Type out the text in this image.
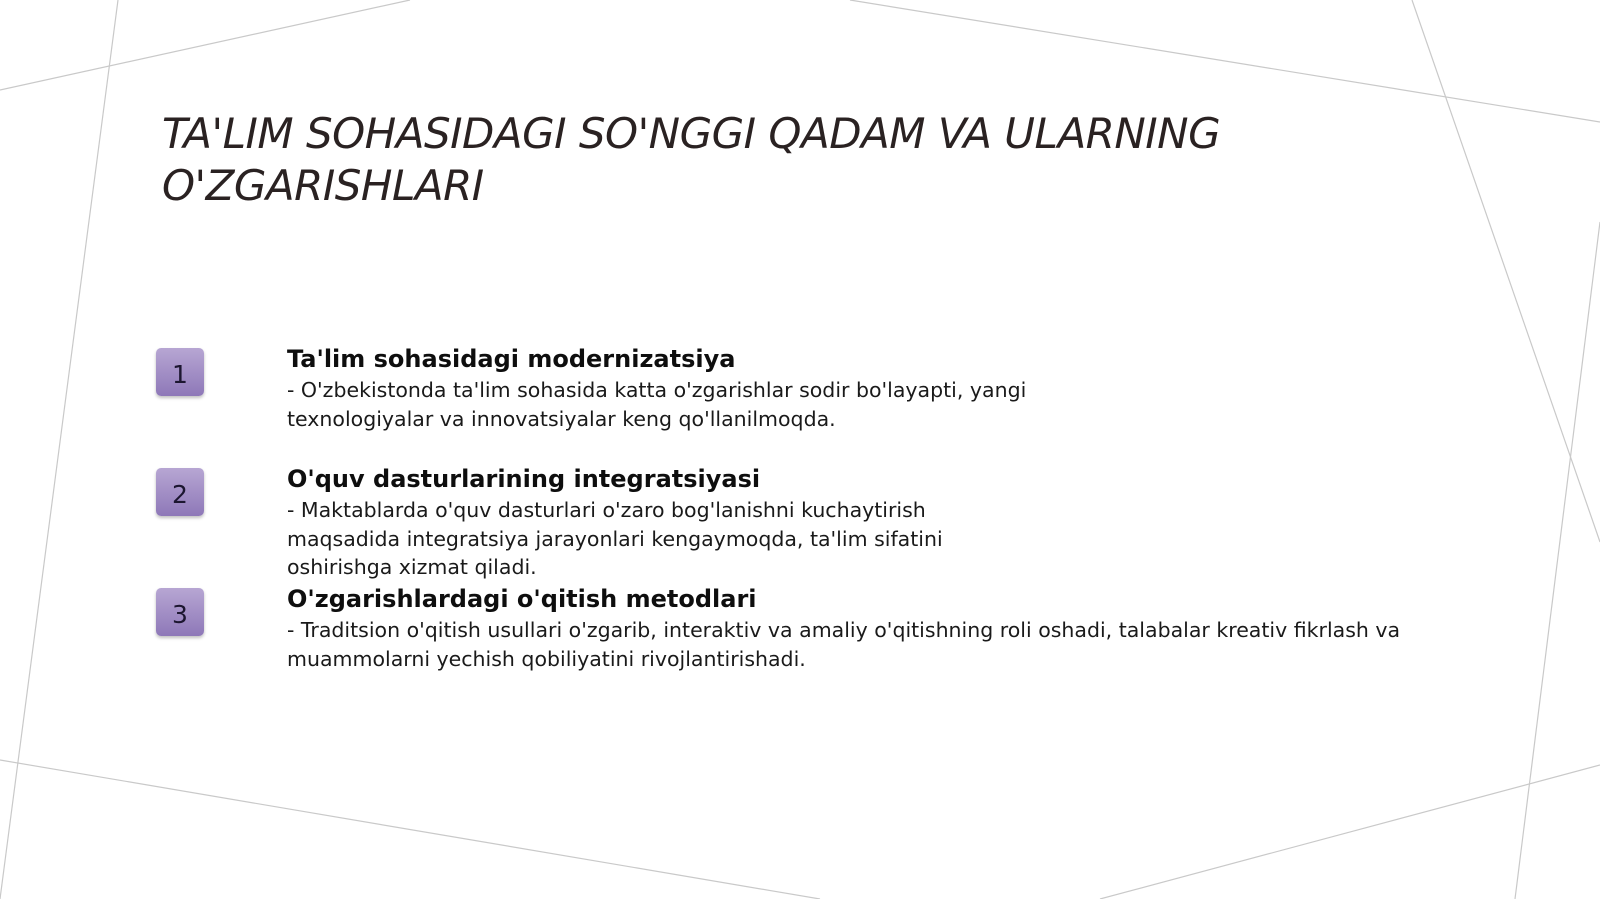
TA'LIM SOHASIDAGI SO'NGGI QADAM VA ULARNING O'ZGARISHLARI
1
Ta'lim sohasidagi modernizatsiya
- O'zbekistonda ta'lim sohasida katta o'zgarishlar sodir bo'layapti, yangi texnologiyalar va innovatsiyalar keng qo'llanilmoqda.
2
O'quv dasturlarining integratsiyasi
- Maktablarda o'quv dasturlari o'zaro bog'lanishni kuchaytirish maqsadida integratsiya jarayonlari kengaymoqda, ta'lim sifatini oshirishga xizmat qiladi.
3
O'zgarishlardagi o'qitish metodlari
- Traditsion o'qitish usullari o'zgarib, interaktiv va amaliy o'qitishning roli oshadi, talabalar kreativ fikrlash va muammolarni yechish qobiliyatini rivojlantirishadi.
